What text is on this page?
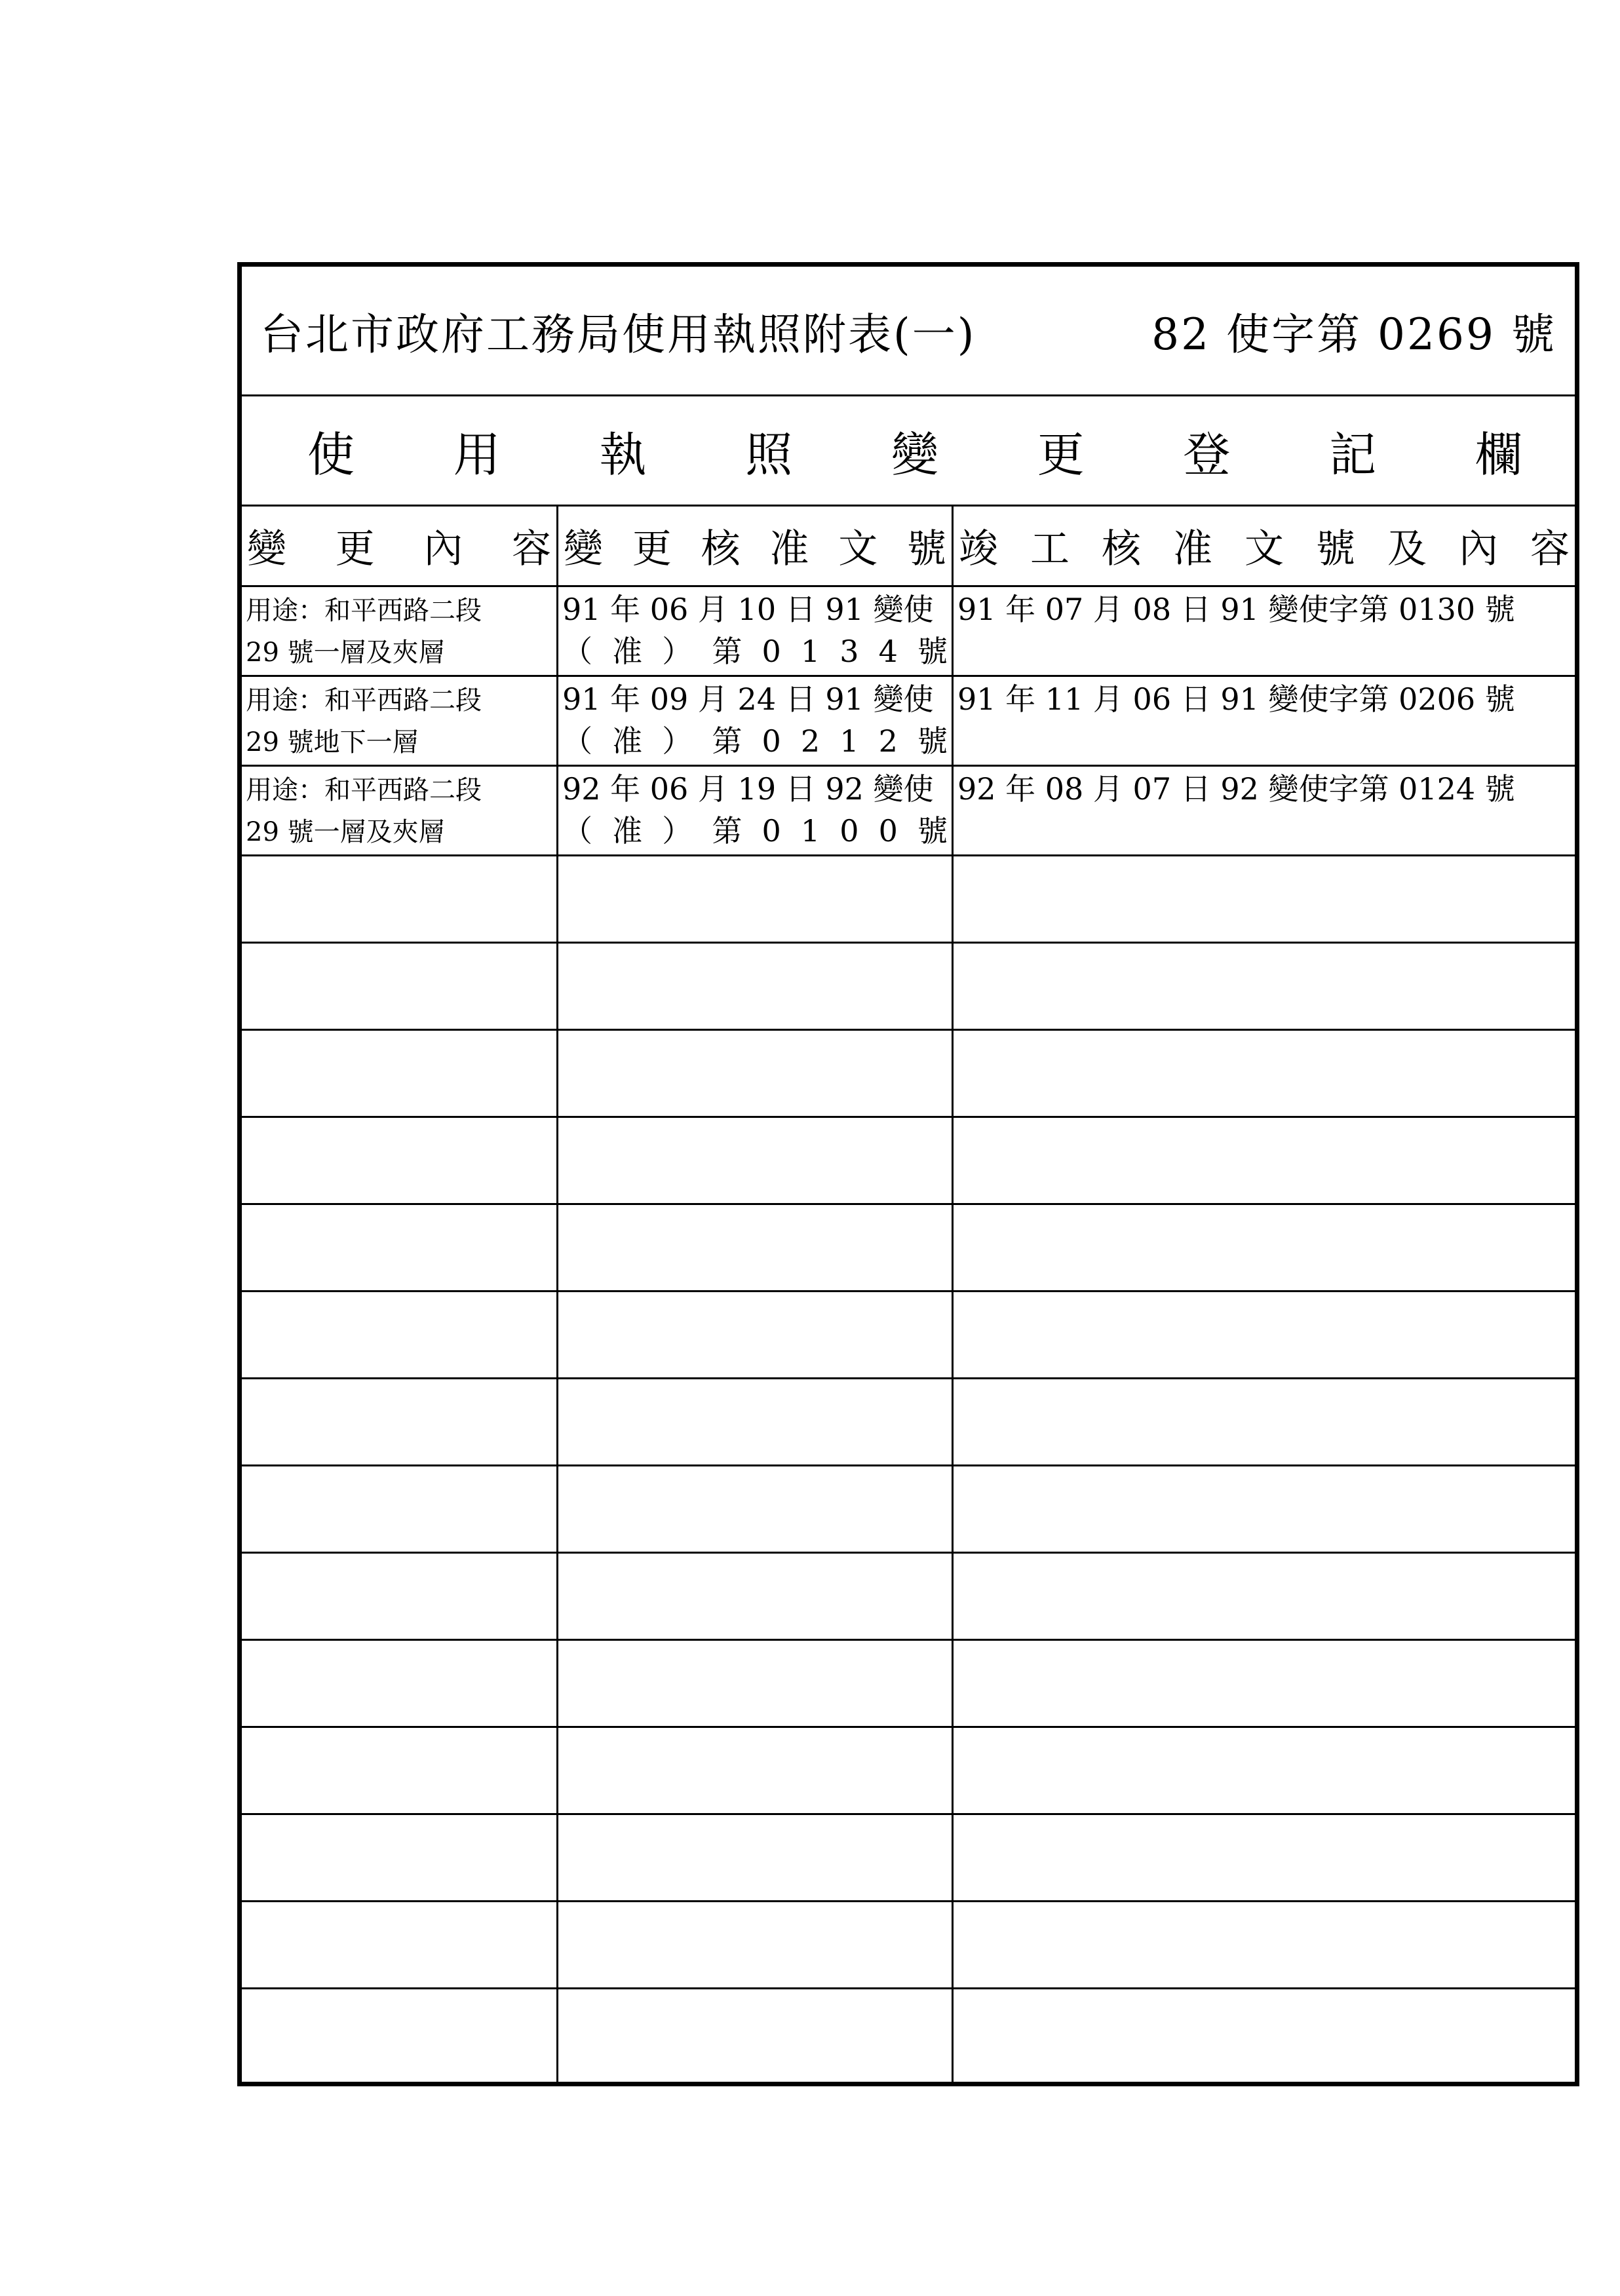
台北市政府工務局使用執照附表(一)	82 使字第 0269 號
使 用 執 照 變 更 登 記 欄
變 更 內 容 變 更 核 准 文 號 竣 工 核 准 文 號 及 內 容
用途：和平西路二段
29 號一層及夾層
91 年 06 月 10 日 91 變使
（ 准 ） 第 0 1 3 4 號
91 年 07 月 08 日 91 變使字第 0130 號
用途：和平西路二段
29 號地下一層
91 年 09 月 24 日 91 變使
（ 准 ） 第 0 2 1 2 號
91 年 11 月 06 日 91 變使字第 0206 號
用途：和平西路二段
29 號一層及夾層
92 年 06 月 19 日 92 變使
（ 准 ） 第 0 1 0 0 號
92 年 08 月 07 日 92 變使字第 0124 號
